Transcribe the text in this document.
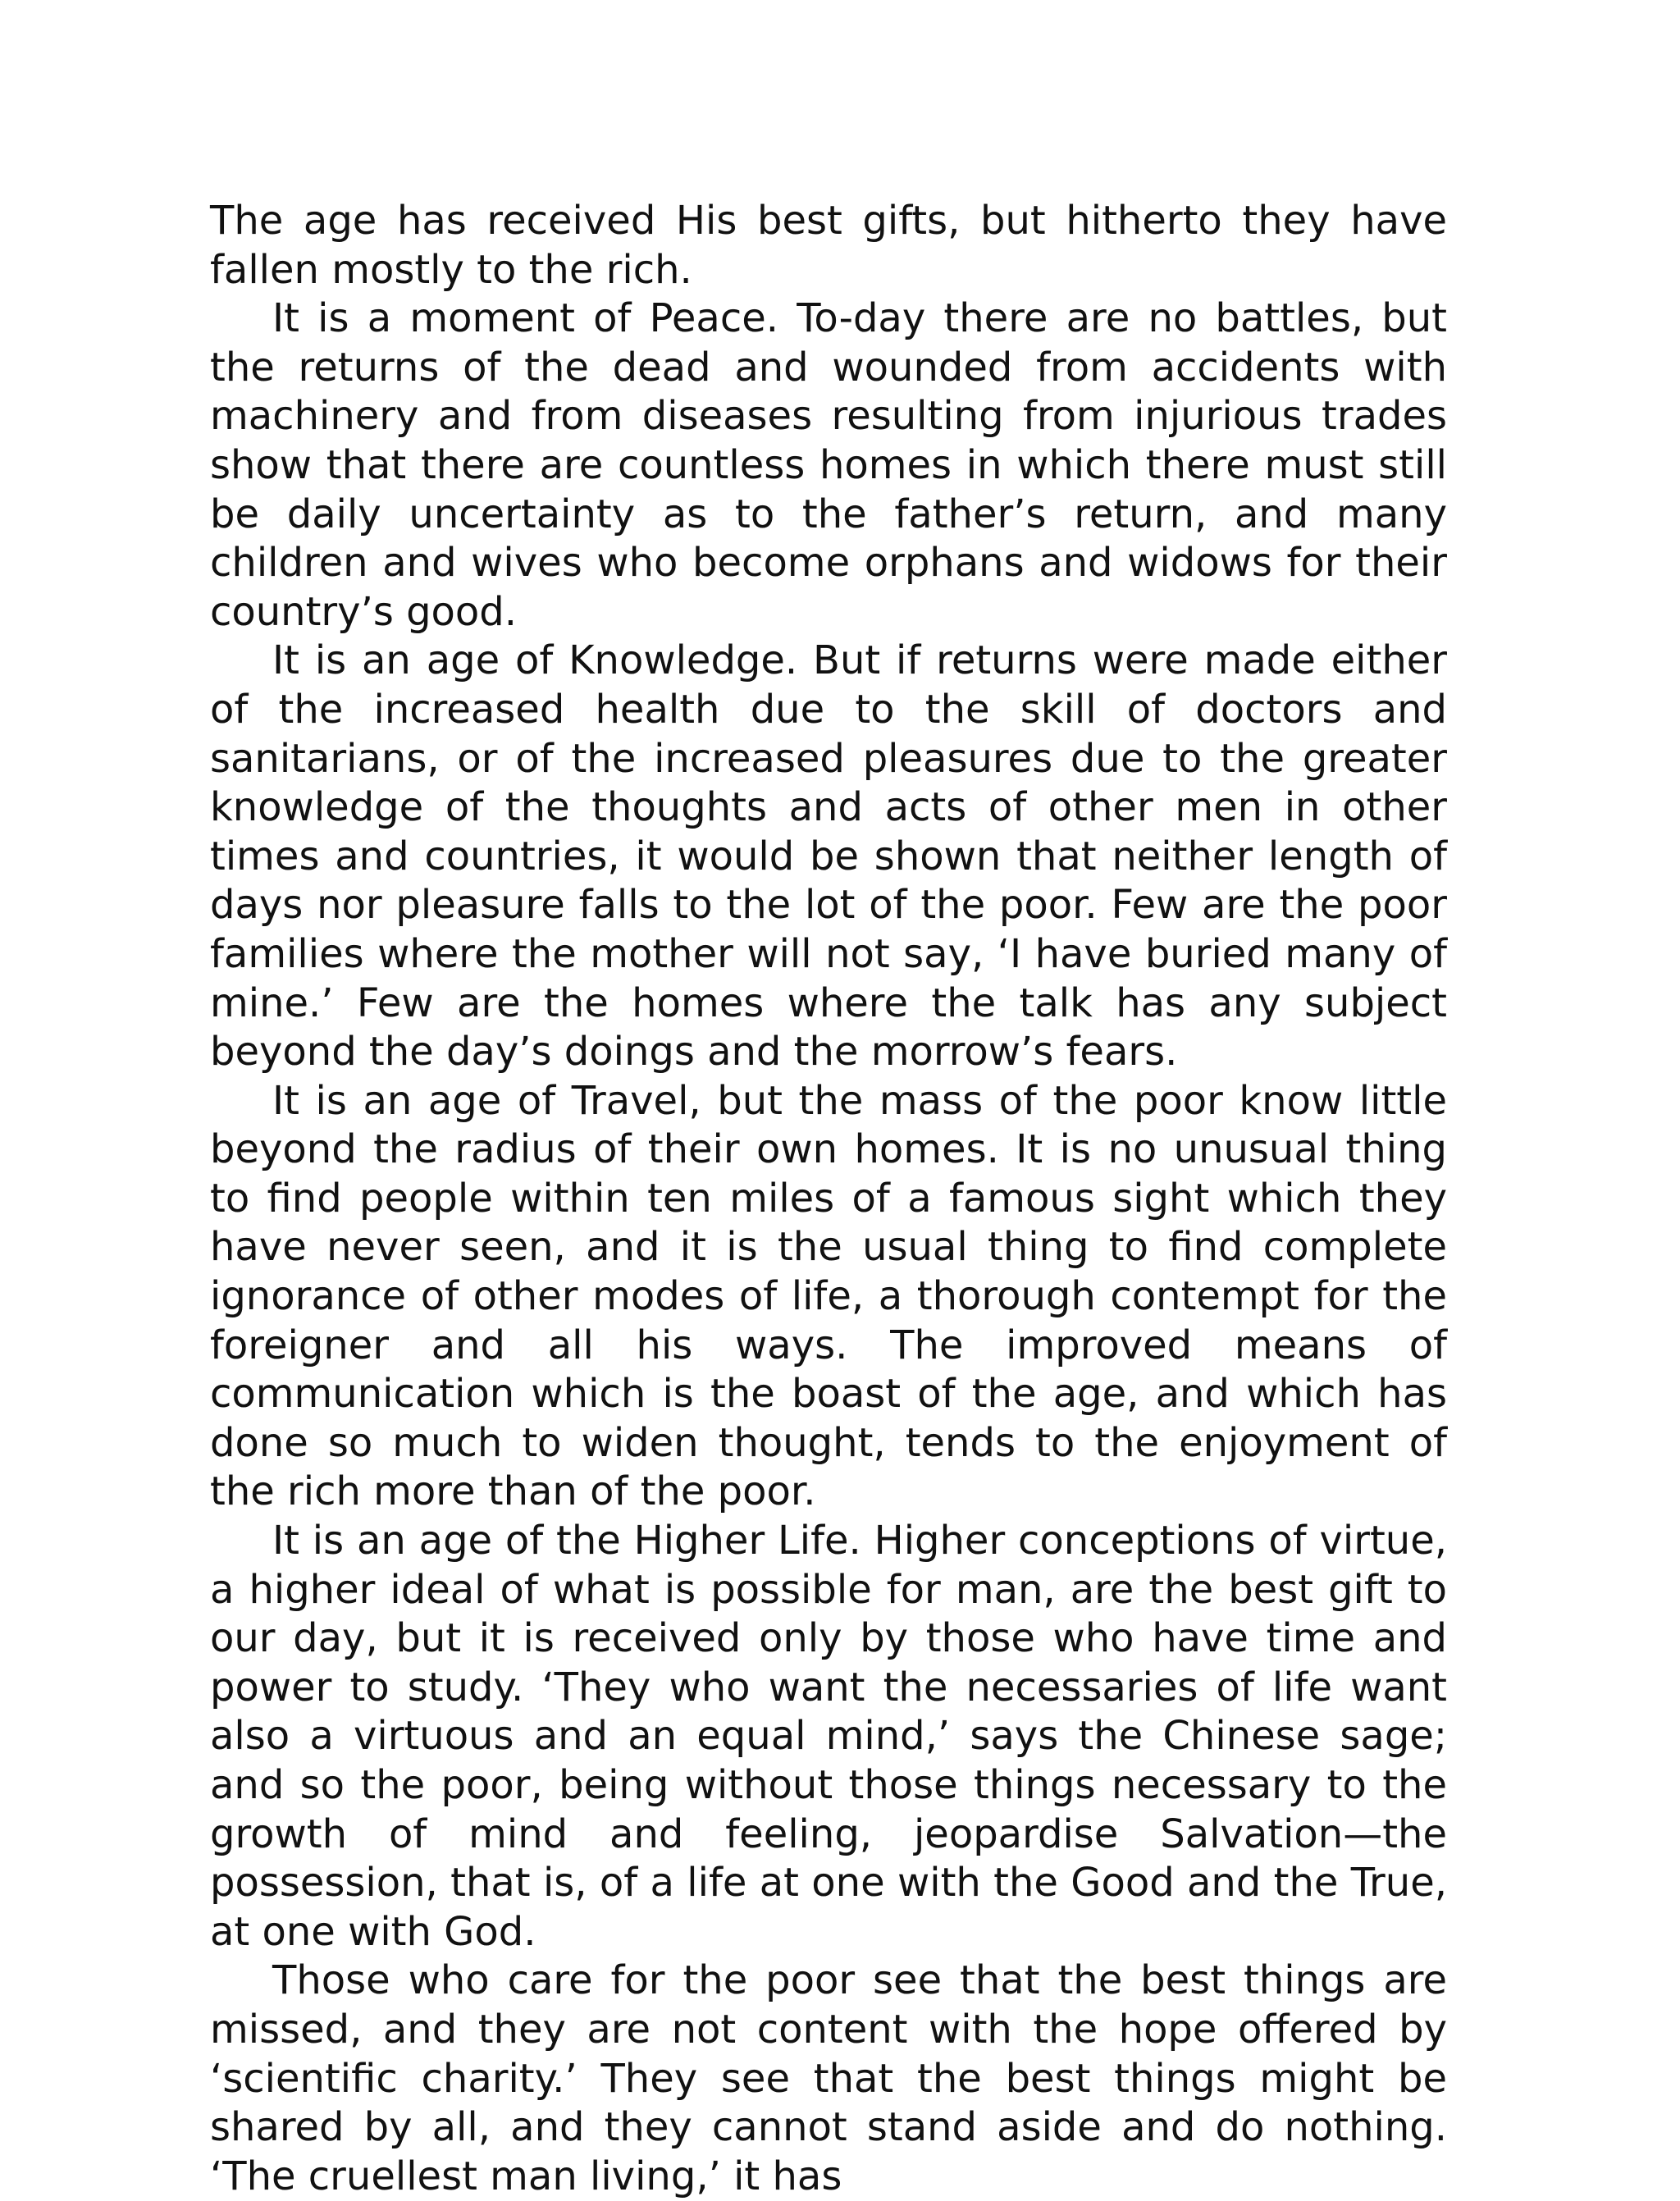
The age has received His best gifts, but hitherto they have fallen mostly to the rich.

It is a moment of Peace. To-day there are no battles, but the returns of the dead and wounded from accidents with machinery and from diseases resulting from injurious trades show that there are countless homes in which there must still be daily uncertainty as to the father’s return, and many children and wives who become orphans and widows for their country’s good.

It is an age of Knowledge. But if returns were made either of the increased health due to the skill of doctors and sanitarians, or of the increased pleasures due to the greater knowledge of the thoughts and acts of other men in other times and countries, it would be shown that neither length of days nor pleasure falls to the lot of the poor. Few are the poor families where the mother will not say, ‘I have buried many of mine.’ Few are the homes where the talk has any subject beyond the day’s doings and the morrow’s fears.

It is an age of Travel, but the mass of the poor know little beyond the radius of their own homes. It is no unusual thing to find people within ten miles of a famous sight which they have never seen, and it is the usual thing to find complete ignorance of other modes of life, a thorough contempt for the foreigner and all his ways. The improved means of communication which is the boast of the age, and which has done so much to widen thought, tends to the enjoyment of the rich more than of the poor.

It is an age of the Higher Life. Higher conceptions of virtue, a higher ideal of what is possible for man, are the best gift to our day, but it is received only by those who have time and power to study. ‘They who want the necessaries of life want also a virtuous and an equal mind,’ says the Chinese sage; and so the poor, being without those things necessary to the growth of mind and feeling, jeopardise Salvation—the possession, that is, of a life at one with the Good and the True, at one with God.

Those who care for the poor see that the best things are missed, and they are not content with the hope offered by ‘scientific charity.’ They see that the best things might be shared by all, and they cannot stand aside and do nothing. ‘The cruellest man living,’ it has
